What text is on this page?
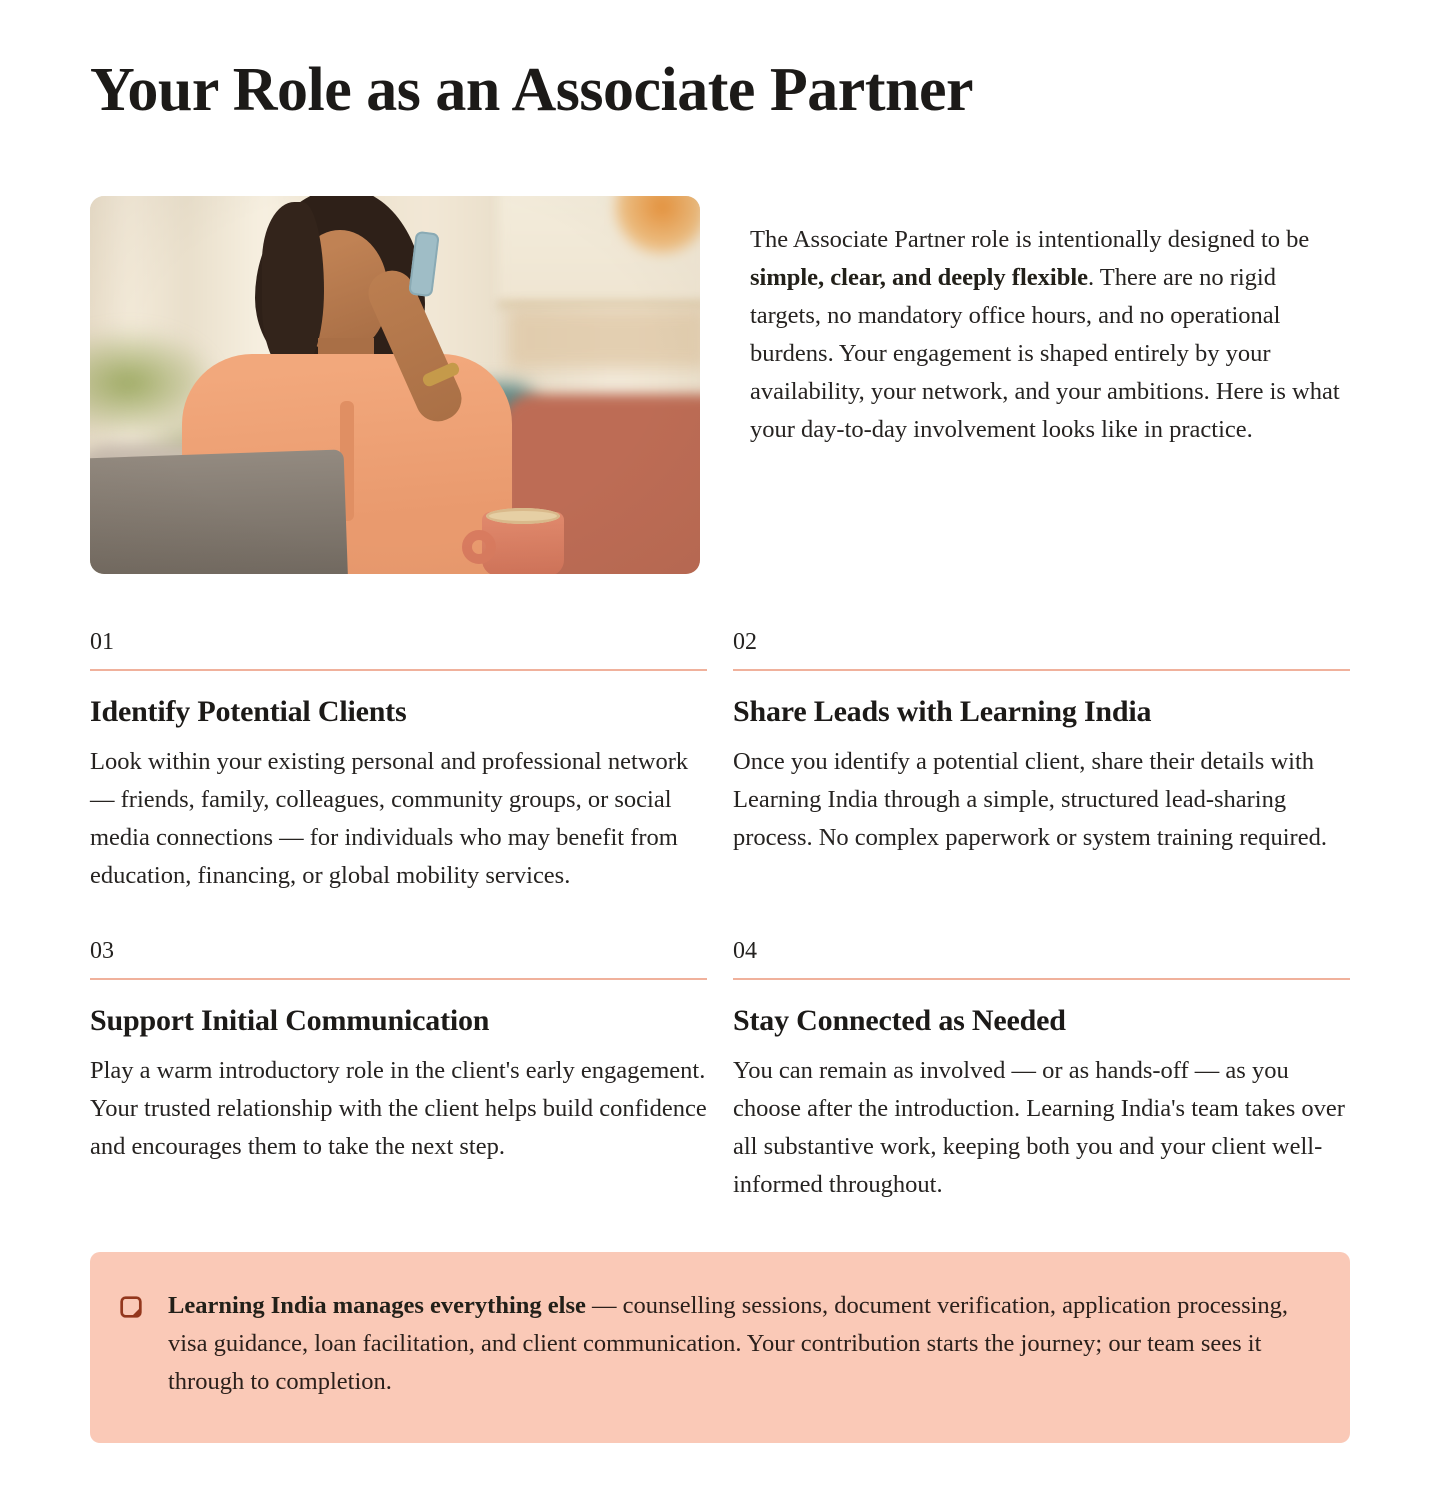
Your Role as an Associate Partner

The Associate Partner role is intentionally designed to be simple, clear, and deeply flexible. There are no rigid targets, no mandatory office hours, and no operational burdens. Your engagement is shaped entirely by your availability, your network, and your ambitions. Here is what your day-to-day involvement looks like in practice.

01
Identify Potential Clients

Look within your existing personal and professional network — friends, family, colleagues, community groups, or social media connections — for individuals who may benefit from education, financing, or global mobility services.

02
Share Leads with Learning India

Once you identify a potential client, share their details with Learning India through a simple, structured lead-sharing process. No complex paperwork or system training required.

03
Support Initial Communication

Play a warm introductory role in the client's early engagement. Your trusted relationship with the client helps build confidence and encourages them to take the next step.

04
Stay Connected as Needed

You can remain as involved — or as hands-off — as you choose after the introduction. Learning India's team takes over all substantive work, keeping both you and your client well-informed throughout.

Learning India manages everything else — counselling sessions, document verification, application processing, visa guidance, loan facilitation, and client communication. Your contribution starts the journey; our team sees it through to completion.
